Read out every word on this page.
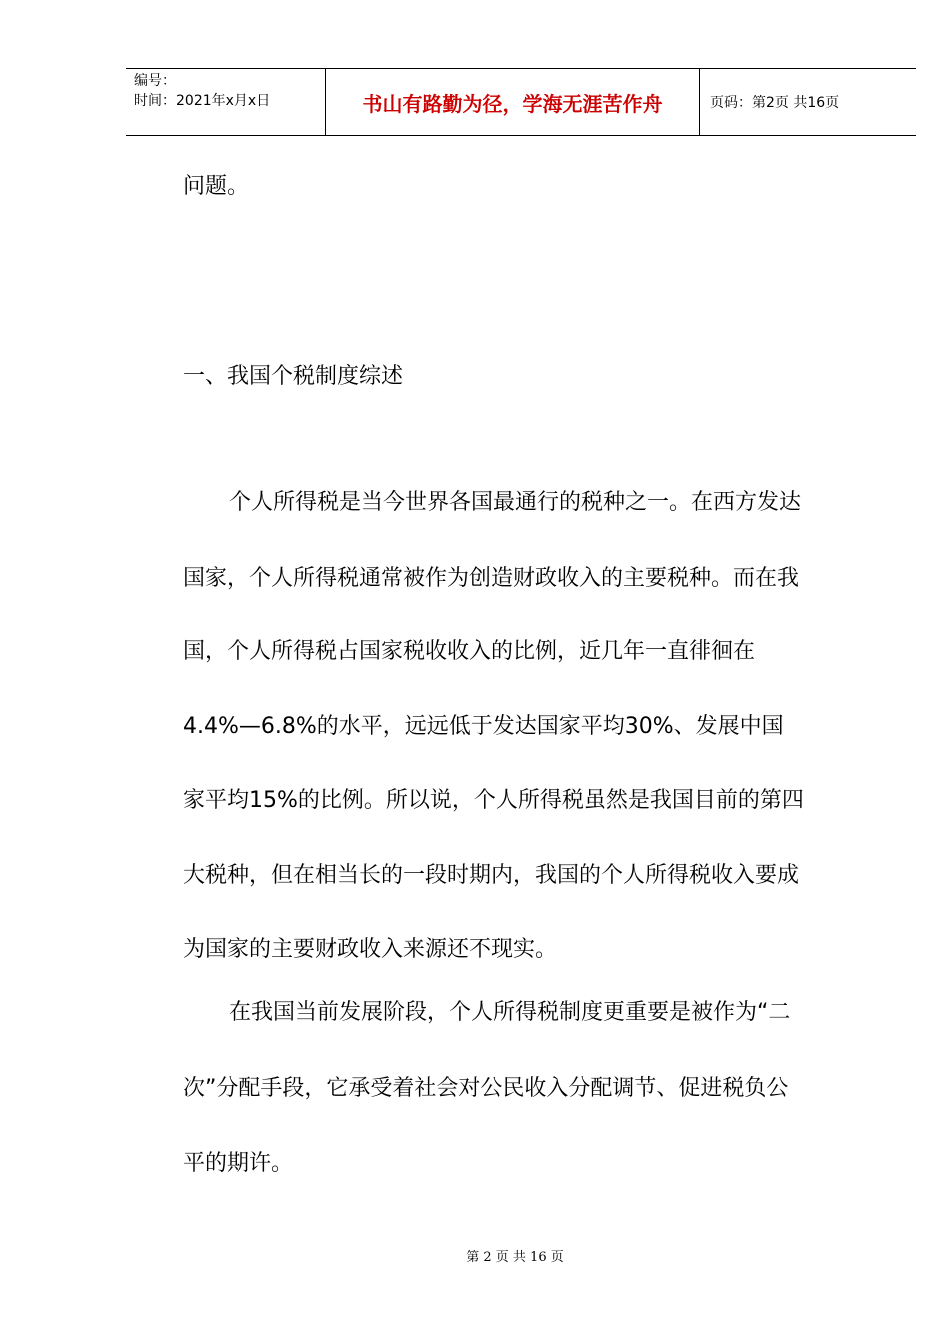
编号：
时间：2021年x月x日	书山有路勤为径，学海无涯苦作舟	页码：第2页 共16页
问题。
一、我国个税制度综述
个人所得税是当今世界各国最通行的税种之一。在西方发达
国家，个人所得税通常被作为创造财政收入的主要税种。而在我
国，个人所得税占国家税收收入的比例，近几年一直徘徊在
4.4%—6.8%的水平，远远低于发达国家平均30%、发展中国
家平均15%的比例。所以说，个人所得税虽然是我国目前的第四
大税种，但在相当长的一段时期内，我国的个人所得税收入要成
为国家的主要财政收入来源还不现实。
在我国当前发展阶段，个人所得税制度更重要是被作为“二
次”分配手段，它承受着社会对公民收入分配调节、促进税负公
平的期许。
第 2 页 共 16 页
